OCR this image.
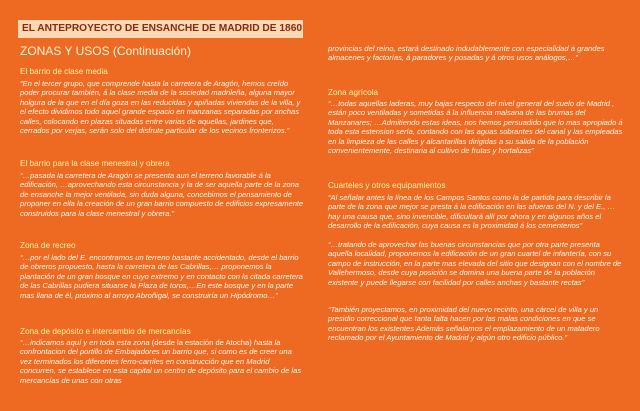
EL ANTEPROYECTO DE ENSANCHE DE MADRID DE 1860
ZONAS Y USOS (Continuación)
El barrio de clase media
“En el tercer grupo, que comprende hasta la carretera de Aragón, hemos creído poder procurar también, á la clase media de la sociedad madrileña, alguna mayor holgura de la que en el día goza en las reducidas y apiñadas viviendas de la villa, y el efecto dividimos todo aquel grande espacio en manzanas separadas por anchas calles, colocando en plazas situadas entre varias de aquellas, jardines que, cerrados por verjas, serán solo del disfrute particular de los vecinos fronterizos.”
El barrio para la clase menestral y obrera
“…pasada la carretera de Aragón se presenta aun el terreno favorable á la edificación, …aprovechando esta circunstancia y la de ser aquella parte de la zona de ensanche la mejor ventilada, sin duda alguna, concebimos el pensamiento de proponer en ella la creación de un gran barrio compuesto de edificios expresamente construidos para la clase menestral y obrera.”
Zona de recreo
“…por el lado del E. encontramos un terreno bastante accidentado, desde el barrio de obreros propuesto, hasta la carretera de las Cabrillas,… proponemos la plantación de un gran bosque en cuyo extremo y en contacto con la citada carretera de las Cabrillas pudiera situarse la Plaza de toros,…En este bosque y en la parte mas llana de él, próximo al arroyo Abroñigal, se construiría un Hipódromo…”
Zona de depósito e intercambio de mercancías
“…indicamos aquí y en toda esta zona (desde la estación de Atocha) hasta la confrontacion del portillo de Embajadores un barrio que, si como es de creer una vez terminados los diferentes ferro-carriles en construcción que en Madrid concurren, se establece en esta capital un centro de depósito para el cambio de las mercancías de unas con otras
provincias del reino, estará destinado indudablemente con especialidad á grandes almacenes y factorías, á paradores y posadas y á otros usos análogos,…”
Zona agrícola
“…todas aquellas laderas, muy bajas respecto del nivel general del suelo de Madrid , están poco ventiladas y sometidas á la influencia malsana de las brumas del Manzanares; …Admitiendo estas ideas, nos hemos persuadido que lo mas apropiado á toda esta estension sería, contando con las aguas sobrantes del canal y las empleadas en la limpieza de las calles y alcantarillas dirigidas a su salida de la población convenientemente, destinaria al cultivo de frutas y hortalizas”
Cuarteles y otros equipamientos
“Al señalar antes la línea de los Campos Santos como la de partida para describir la parte de la zona que mejor se presta á la edificación en las afueras del N. y del E., …hay una causa que, sino invencible, dificultará allí por ahora y en algunos años el desarrollo de la edificación, cuya causa es la proximidad á los cementerios”
“…tratando de aprovechar las buenas circunstancias que por otra parte presenta aquella localidad, proponemos la edificación de un gran cuartel de infantería, con su campo de instrucción, en la parte mas elevada del sitio que designan con el nombre de Vallehermoso, desde cuya posición se domina una buena parte de la población existente y puede llegarse con facilidad por calles anchas y bastante rectas”
“También proyectamos, en proximidad del nuevo recinto, una cárcel de villa y un presidio correccional que tanta falta hacen por las malas condiciones en que se encuentran los existentes Además señalamos el emplazamiento de un matadero reclamado por el Ayuntamiento de Madrid y algún otro edificio público.”
